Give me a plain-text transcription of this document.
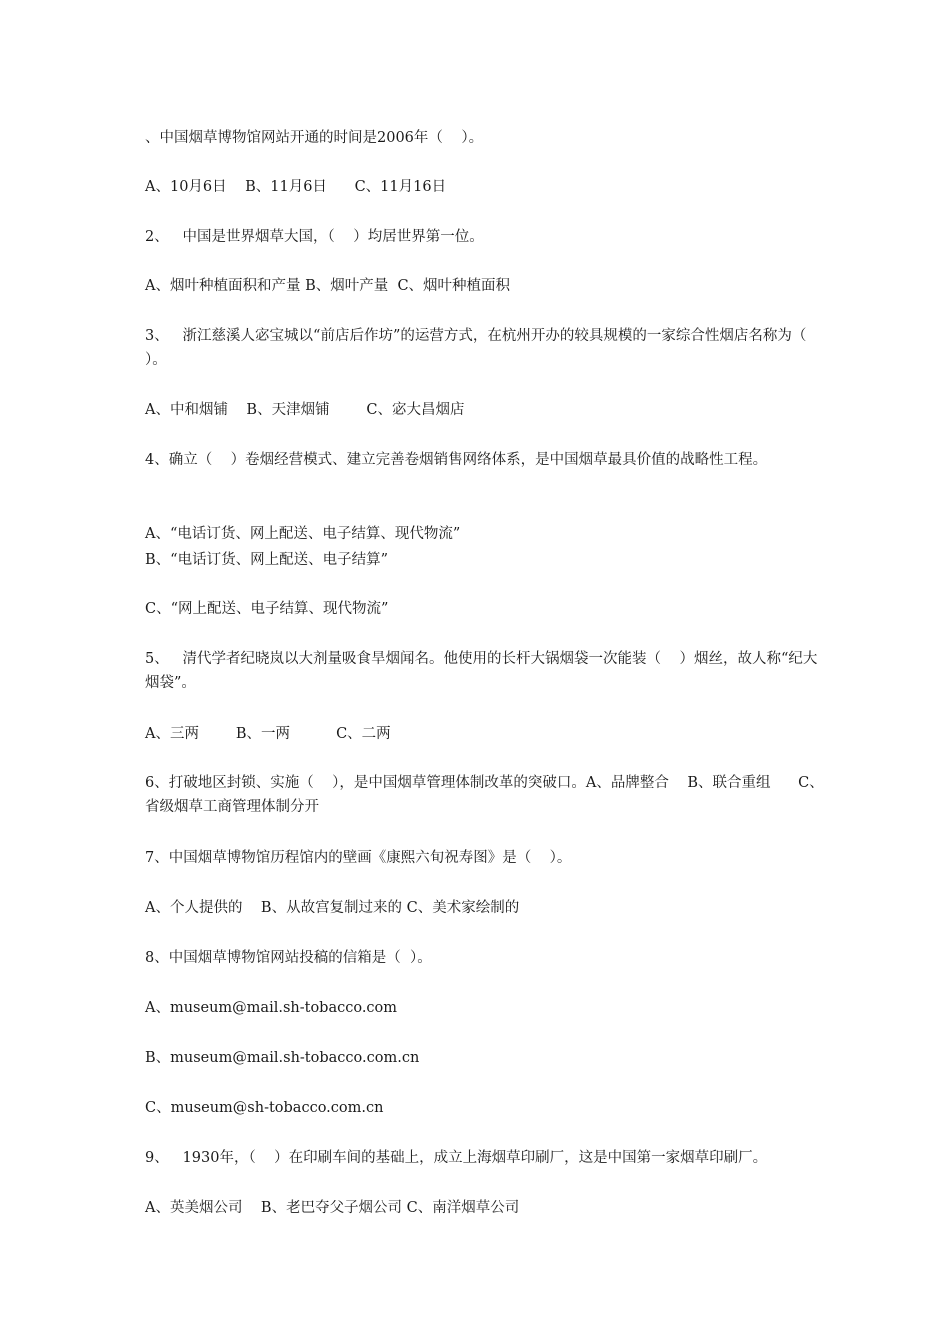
、中国烟草博物馆网站开通的时间是2006年（    ）。
A、10月6日    B、11月6日      C、11月16日
2、   中国是世界烟草大国，（    ）均居世界第一位。
A、烟叶种植面积和产量 B、烟叶产量  C、烟叶种植面积
3、   浙江慈溪人宓宝城以“前店后作坊”的运营方式，在杭州开办的较具规模的一家综合性烟店名称为（    ）。
A、中和烟铺    B、天津烟铺        C、宓大昌烟店
4、确立（    ）卷烟经营模式、建立完善卷烟销售网络体系，是中国烟草最具价值的战略性工程。
A、“电话订货、网上配送、电子结算、现代物流”
B、“电话订货、网上配送、电子结算”
C、“网上配送、电子结算、现代物流”
5、   清代学者纪晓岚以大剂量吸食旱烟闻名。他使用的长杆大锅烟袋一次能装（    ）烟丝，故人称“纪大烟袋”。
A、三两        B、一两          C、二两
6、打破地区封锁、实施（    ），是中国烟草管理体制改革的突破口。A、品牌整合    B、联合重组      C、省级烟草工商管理体制分开
7、中国烟草博物馆历程馆内的壁画《康熙六旬祝寿图》是（    ）。
A、个人提供的    B、从故宫复制过来的 C、美术家绘制的
8、中国烟草博物馆网站投稿的信箱是（  ）。
A、museum@mail.sh-tobacco.com
B、museum@mail.sh-tobacco.com.cn
C、museum@sh-tobacco.com.cn
9、   1930年，（    ）在印刷车间的基础上，成立上海烟草印刷厂，这是中国第一家烟草印刷厂。
A、英美烟公司    B、老巴夺父子烟公司 C、南洋烟草公司
